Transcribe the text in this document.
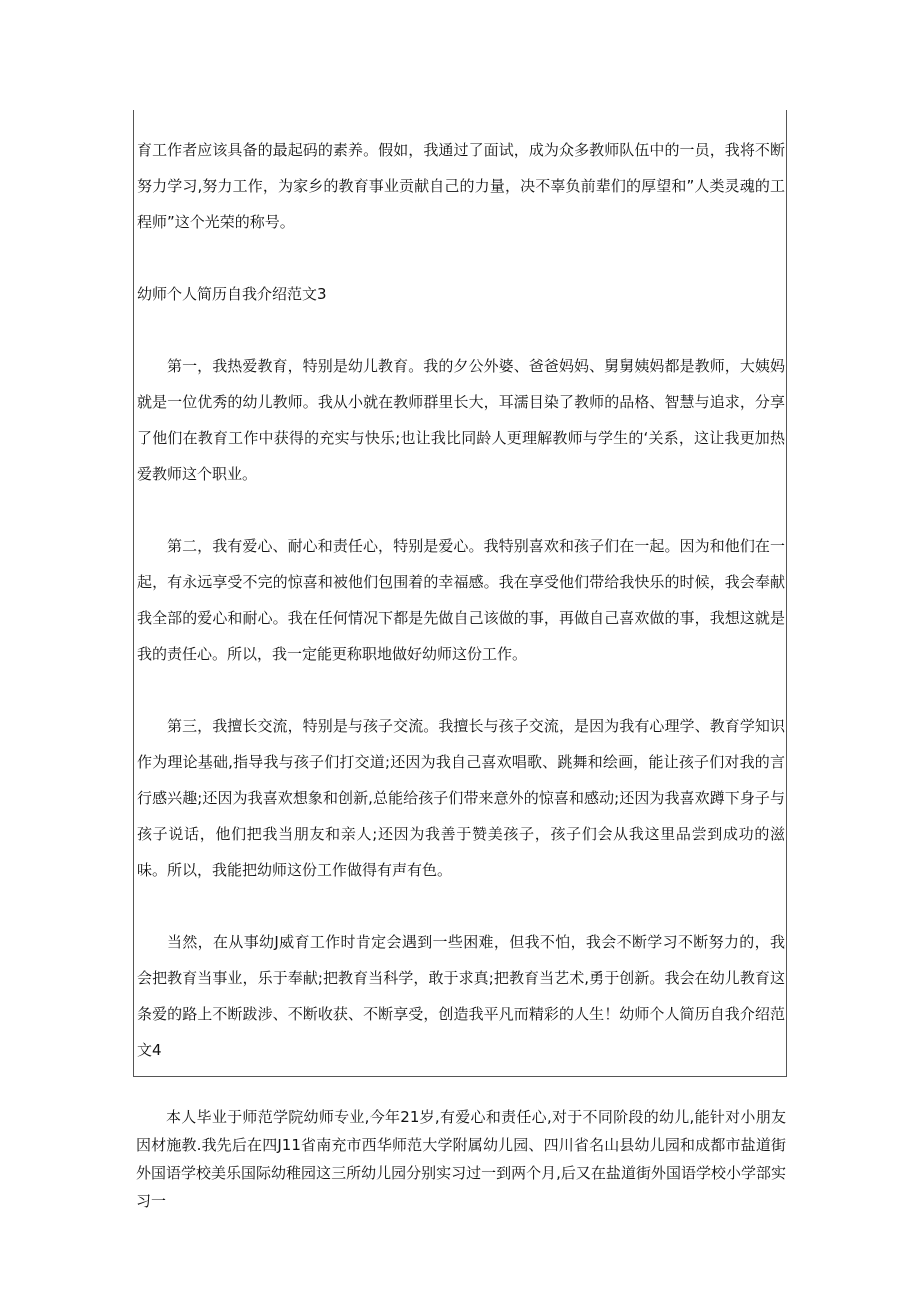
育工作者应该具备的最起码的素养。假如，我通过了面试，成为众多教师队伍中的一员，我将不断努力学习,努力工作，为家乡的教育事业贡献自己的力量，决不辜负前辈们的厚望和”人类灵魂的工程师”这个光荣的称号。

幼师个人简历自我介绍范文3

第一，我热爱教育，特别是幼儿教育。我的夕公外婆、爸爸妈妈、舅舅姨妈都是教师，大姨妈就是一位优秀的幼儿教师。我从小就在教师群里长大，耳濡目染了教师的品格、智慧与追求，分享了他们在教育工作中获得的充实与快乐;也让我比同龄人更理解教师与学生的‘关系，这让我更加热爱教师这个职业。

第二，我有爱心、耐心和责任心，特别是爱心。我特别喜欢和孩子们在一起。因为和他们在一起，有永远享受不完的惊喜和被他们包围着的幸福感。我在享受他们带给我快乐的时候，我会奉献我全部的爱心和耐心。我在任何情况下都是先做自己该做的事，再做自己喜欢做的事，我想这就是我的责任心。所以，我一定能更称职地做好幼师这份工作。

第三，我擅长交流，特别是与孩子交流。我擅长与孩子交流，是因为我有心理学、教育学知识作为理论基础,指导我与孩子们打交道;还因为我自己喜欢唱歌、跳舞和绘画，能让孩子们对我的言行感兴趣;还因为我喜欢想象和创新,总能给孩子们带来意外的惊喜和感动;还因为我喜欢蹲下身子与孩子说话，他们把我当朋友和亲人;还因为我善于赞美孩子，孩子们会从我这里品尝到成功的滋味。所以，我能把幼师这份工作做得有声有色。

当然，在从事幼J威育工作时肯定会遇到一些困难，但我不怕，我会不断学习不断努力的，我会把教育当事业，乐于奉献;把教育当科学，敢于求真;把教育当艺术,勇于创新。我会在幼儿教育这条爱的路上不断跋涉、不断收获、不断享受，创造我平凡而精彩的人生！幼师个人简历自我介绍范文4

本人毕业于师范学院幼师专业,今年21岁,有爱心和责任心,对于不同阶段的幼儿,能针对小朋友因材施教.我先后在四J11省南充市西华师范大学附属幼儿园、四川省名山县幼儿园和成都市盐道街外国语学校美乐国际幼稚园这三所幼儿园分别实习过一到两个月,后又在盐道街外国语学校小学部实习一
